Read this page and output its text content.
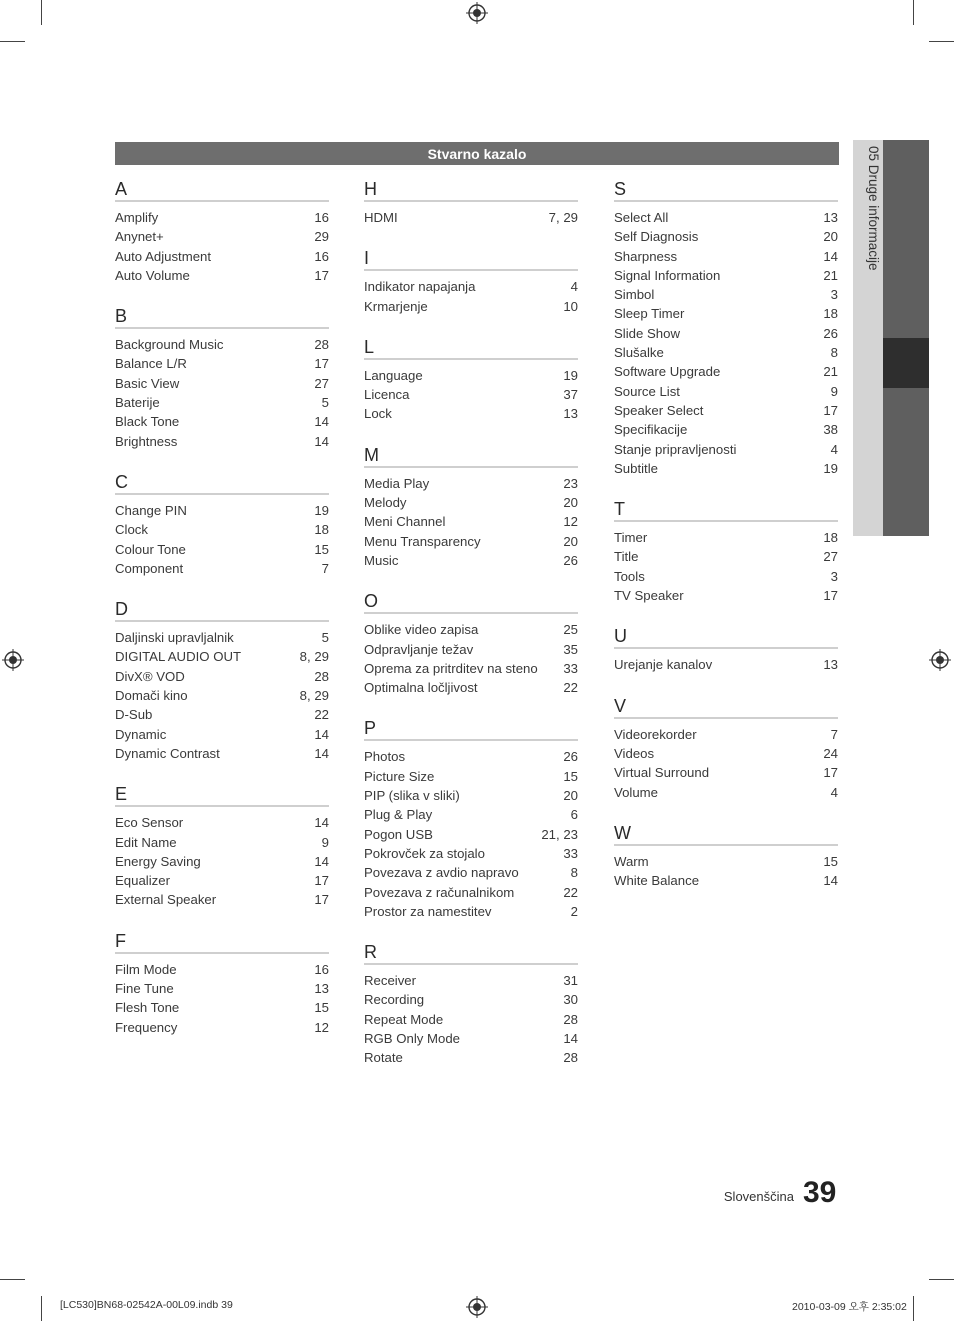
05 Druge informacije
Stvarno kazalo
A
Amplify	16
Anynet+	29
Auto Adjustment	16
Auto Volume	17
B
Background Music	28
Balance L/R	17
Basic View	27
Baterije	5
Black Tone	14
Brightness	14
C
Change PIN	19
Clock	18
Colour Tone	15
Component	7
D
Daljinski upravljalnik	5
DIGITAL AUDIO OUT	8, 29
DivX® VOD	28
Domači kino	8, 29
D-Sub	22
Dynamic	14
Dynamic Contrast	14
E
Eco Sensor	14
Edit Name	9
Energy Saving	14
Equalizer	17
External Speaker	17
F
Film Mode	16
Fine Tune	13
Flesh Tone	15
Frequency	12
H
HDMI	7, 29
I
Indikator napajanja	4
Krmarjenje	10
L
Language	19
Licenca	37
Lock	13
M
Media Play	23
Melody	20
Meni Channel	12
Menu Transparency	20
Music	26
O
Oblike video zapisa	25
Odpravljanje težav	35
Oprema za pritrditev na steno 33
Optimalna ločljivost	22
P
Photos	26
Picture Size	15
PIP (slika v sliki)	20
Plug & Play	6
Pogon USB	21, 23
Pokrovček za stojalo	33
Povezava z avdio napravo	8
Povezava z računalnikom	22
Prostor za namestitev	2
R
Receiver	31
Recording	30
Repeat Mode	28
RGB Only Mode	14
Rotate	28
S
Select All	13
Self Diagnosis	20
Sharpness	14
Signal Information	21
Simbol	3
Sleep Timer	18
Slide Show	26
Slušalke	8
Software Upgrade	21
Source List	9
Speaker Select	17
Specifikacije	38
Stanje pripravljenosti	4
Subtitle	19
T
Timer	18
Title	27
Tools	3
TV Speaker	17
U
Urejanje kanalov	13
V
Videorekorder	7
Videos	24
Virtual Surround	17
Volume	4
W
Warm	15
White Balance	14
Slovenščina 39
[LC530]BN68-02542A-00L09.indb 39	2010-03-09 오후 2:35:02
